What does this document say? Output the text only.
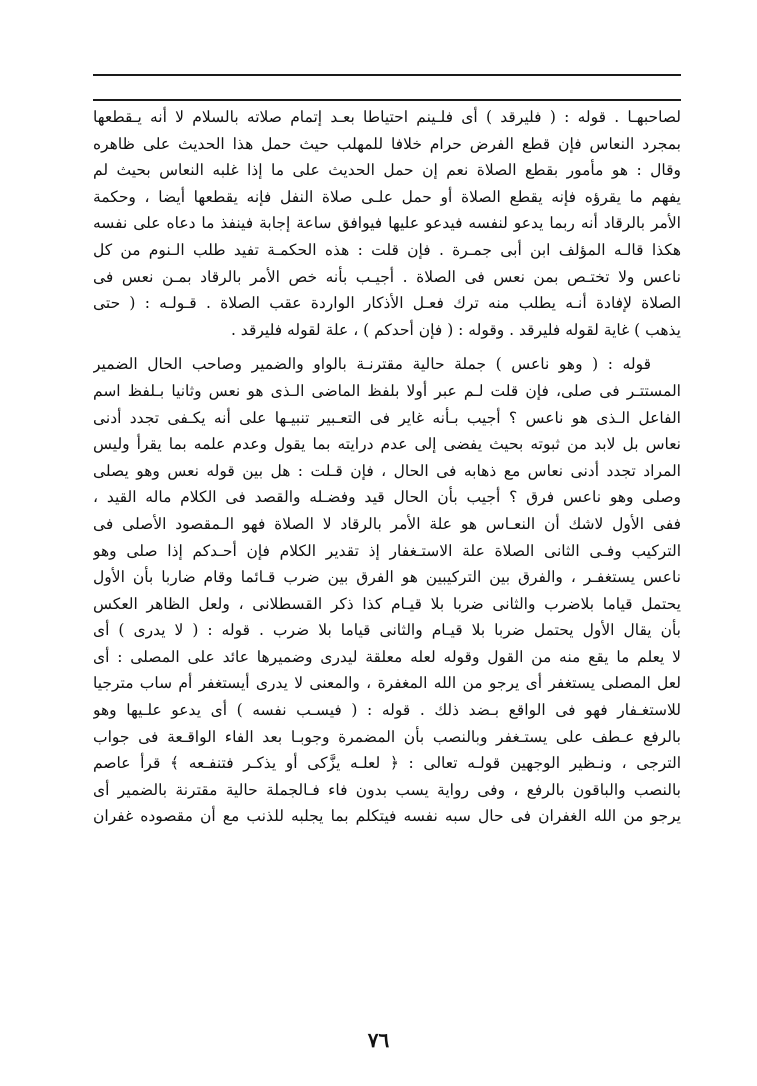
لصاحبهـا . قوله : ( فليرقد ) أى فلـينم احتياطا بعـد إتمام صلاته بالسلام لا أنه يـقطعها
بمجرد النعاس فإن قطع الفرض حرام خلافا للمهلب حيث حمل هذا الحديث على ظاهره
وقال : هو مأمور بقطع الصلاة نعم إن حمل الحديث على ما إذا غلبه النعاس بحيث لم
يفهم ما يقرؤه فإنه يقطع الصلاة أو حمل علـى صلاة النفل فإنه يقطعها أيضا ، وحكمة
الأمر بالرقاد أنه ربما يدعو لنفسه فيدعو عليها فيوافق ساعة إجابة فينفذ ما دعاه على نفسه
هكذا قالـه المؤلف ابن أبى جمـرة . فإن قلت : هذه الحكمـة تفيد طلب الـنوم من كل
ناعس ولا تختـص بمن نعس فى الصلاة . أجيـب بأنه خص الأمر بالرقاد بمـن نعس فى
الصلاة لإفادة أنـه يطلب منه ترك فعـل الأذكار الواردة عقب الصلاة . قـولـه : ( حتى
يذهب ) غاية لقوله فليرقد . وقوله : ( فإن أحدكم ) ، علة لقوله فليرقد .
قوله : ( وهو ناعس ) جملة حالية مقترنـة بالواو والضمير وصاحب الحال الضمير
المستتـر فى صلى، فإن قلت لـم عبر أولا بلفظ الماضى الـذى هو نعس وثانيا بـلفظ اسم
الفاعل الـذى هو ناعس ؟ أجيب بـأنه غاير فى التعـبير تنبيـها على أنه يكـفى تجدد أدنى
نعاس بل لابد من ثبوته بحيث يفضى إلى عدم درايته بما يقول وعدم علمه بما يقرأ وليس
المراد تجدد أدنى نعاس مع ذهابه فى الحال ، فإن قـلت : هل بين قوله نعس وهو يصلى
وصلى وهو ناعس فرق ؟ أجيب بأن الحال قيد وفضـله والقصد فى الكلام ماله القيد ،
ففى الأول لاشك أن النعـاس هو علة الأمر بالرقاد لا الصلاة فهو الـمقصود الأصلى فى
التركيب وفـى الثانى الصلاة علة الاستـغفار إذ تقدير الكلام فإن أحـدكم إذا صلى وهو
ناعس يستغفـر ، والفرق بين التركيبين هو الفرق بين ضرب قـائما وقام ضاربا بأن الأول
يحتمل قياما بلاضرب والثانى ضربا بلا قيـام كذا ذكر القسطلانى ، ولعل الظاهر العكس
بأن يقال الأول يحتمل ضربا بلا قيـام والثانى قياما بلا ضرب . قوله : ( لا يدرى ) أى
لا يعلم ما يقع منه من القول وقوله لعله معلقة ليدرى وضميرها عائد على المصلى : أى
لعل المصلى يستغفر أى يرجو من الله المغفرة ، والمعنى لا يدرى أيستغفر أم ساب مترجيا
للاستغـفار فهو فى الواقع بـضد ذلك . قوله : ( فيسـب نفسه ) أى يدعو علـيها وهو
بالرفع عـطف على يستـغفر وبالنصب بأن المضمرة وجوبـا بعد الفاء الواقـعة فى جواب
الترجى ، ونـظير الوجهين قولـه تعالى : ﴿ لعلـه يزَّكى أو يذكـر فتنفـعه ﴾ قرأ عاصم
بالنصب والباقون بالرفع ، وفى رواية يسب بدون فاء فـالجملة حالية مقترنة بالضمير أى
يرجو من الله الغفران فى حال سبه نفسه فيتكلم بما يجلبه للذنب مع أن مقصوده غفران
٧٦
